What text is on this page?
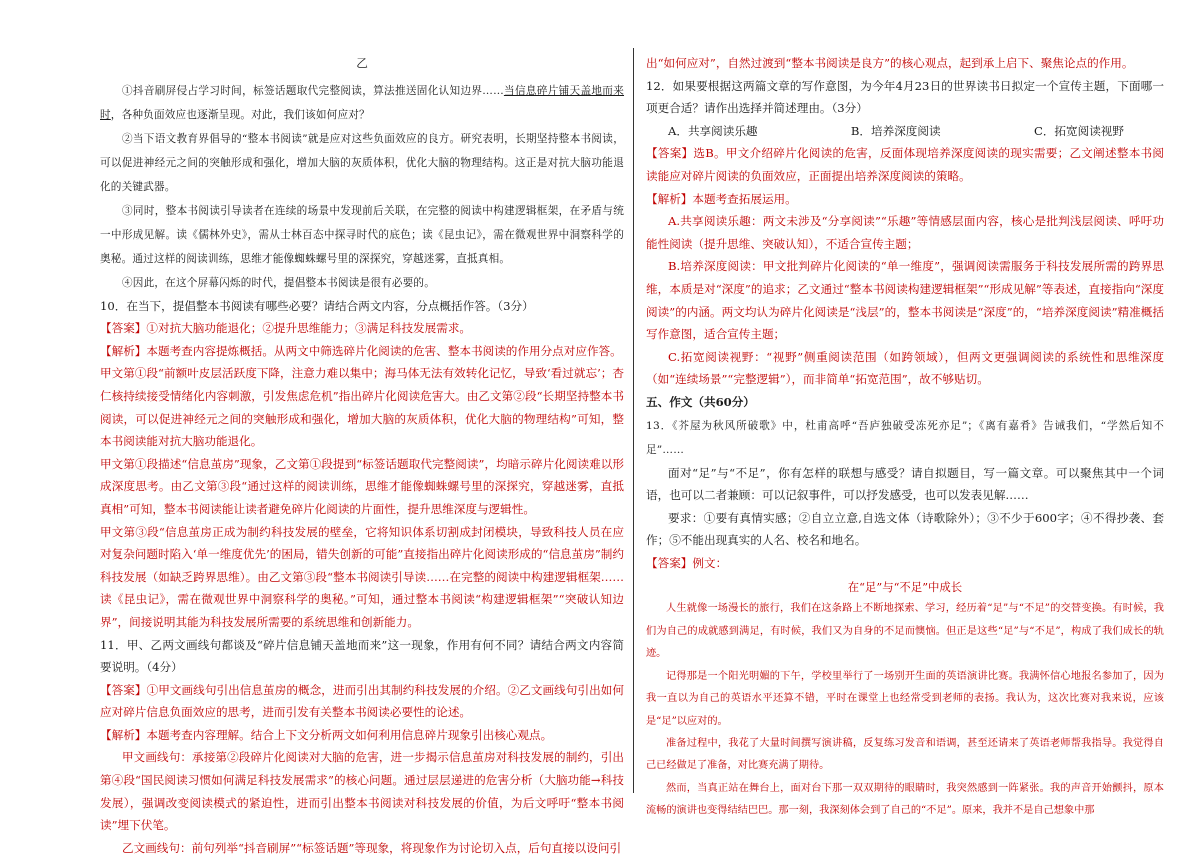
乙

①抖音刷屏侵占学习时间，标签话题取代完整阅读，算法推送固化认知边界……当信息碎片铺天盖地而来时，各种负面效应也逐渐呈现。对此，我们该如何应对？

②当下语文教育界倡导的“整本书阅读”就是应对这些负面效应的良方。研究表明，长期坚持整本书阅读，可以促进神经元之间的突触形成和强化，增加大脑的灰质体积，优化大脑的物理结构。这正是对抗大脑功能退化的关键武器。

③同时，整本书阅读引导读者在连续的场景中发现前后关联，在完整的阅读中构建逻辑框架，在矛盾与统一中形成见解。读《儒林外史》，需从士林百态中探寻时代的底色；读《昆虫记》，需在微观世界中洞察科学的奥秘。通过这样的阅读训练，思维才能像蜘蛛螺号里的深探究，穿越迷雾，直抵真相。

④因此，在这个屏幕闪烁的时代，提倡整本书阅读是很有必要的。

10．在当下，提倡整本书阅读有哪些必要？请结合两文内容，分点概括作答。（3分）

【答案】①对抗大脑功能退化；②提升思维能力；③满足科技发展需求。

【解析】本题考查内容提炼概括。从两文中筛选碎片化阅读的危害、整本书阅读的作用分点对应作答。

甲文第①段“前额叶皮层活跃度下降，注意力难以集中；海马体无法有效转化记忆，导致‘看过就忘’；杏仁核持续接受情绪化内容刺激，引发焦虑危机”指出碎片化阅读危害大。由乙文第②段“长期坚持整本书阅读，可以促进神经元之间的突触形成和强化，增加大脑的灰质体积，优化大脑的物理结构”可知，整本书阅读能对抗大脑功能退化。

甲文第①段描述“信息茧房”现象，乙文第①段提到“标签话题取代完整阅读”，均暗示碎片化阅读难以形成深度思考。由乙文第③段“通过这样的阅读训练，思维才能像蜘蛛螺号里的深探究，穿越迷雾，直抵真相”可知，整本书阅读能让读者避免碎片化阅读的片面性，提升思维深度与逻辑性。

甲文第③段“信息茧房正成为制约科技发展的壁垒，它将知识体系切割成封闭模块，导致科技人员在应对复杂问题时陷入‘单一维度优先’的困局，错失创新的可能”直接指出碎片化阅读形成的“信息茧房”制约科技发展（如缺乏跨界思维）。由乙文第③段“整本书阅读引导读……在完整的阅读中构建逻辑框架……读《昆虫记》，需在微观世界中洞察科学的奥秘。”可知，通过整本书阅读“构建逻辑框架”“突破认知边界”，间接说明其能为科技发展所需要的系统思维和创新能力。

11．甲、乙两文画线句都谈及“碎片信息铺天盖地而来”这一现象，作用有何不同？请结合两文内容简要说明。（4分）

【答案】①甲文画线句引出信息茧房的概念，进而引出其制约科技发展的介绍。②乙文画线句引出如何应对碎片信息负面效应的思考，进而引发有关整本书阅读必要性的论述。

【解析】本题考查内容理解。结合上下文分析两文如何利用信息碎片现象引出核心观点。

甲文画线句：承接第②段碎片化阅读对大脑的危害，进一步揭示信息茧房对科技发展的制约，引出第④段“国民阅读习惯如何满足科技发展需求”的核心问题。通过层层递进的危害分析（大脑功能→科技发展），强调改变阅读模式的紧迫性，进而引出整本书阅读对科技发展的价值，为后文呼吁“整本书阅读”埋下伏笔。

乙文画线句：前句列举“抖音刷屏”“标签话题”等现象，将现象作为讨论切入点，后句直接以设问引

出“如何应对”，自然过渡到“整本书阅读是良方”的核心观点，起到承上启下、聚焦论点的作用。

12．如果要根据这两篇文章的写作意图，为今年4月23日的世界读书日拟定一个宣传主题，下面哪一项更合适？请作出选择并简述理由。（3分）

A．共享阅读乐趣	B．培养深度阅读	C．拓宽阅读视野

【答案】选B。甲文介绍碎片化阅读的危害，反面体现培养深度阅读的现实需要；乙文阐述整本书阅读能应对碎片阅读的负面效应，正面提出培养深度阅读的策略。

【解析】本题考查拓展运用。

A.共享阅读乐趣：两文未涉及“分享阅读”“乐趣”等情感层面内容，核心是批判浅层阅读、呼吁功能性阅读（提升思维、突破认知），不适合宣传主题；

B.培养深度阅读：甲文批判碎片化阅读的“单一维度”，强调阅读需服务于科技发展所需的跨界思维，本质是对“深度”的追求；乙文通过“整本书阅读构建逻辑框架”“形成见解”等表述，直接指向“深度阅读”的内涵。两文均认为碎片化阅读是“浅层”的，整本书阅读是“深度”的，“培养深度阅读”精准概括写作意图，适合宣传主题；

C.拓宽阅读视野：“视野”侧重阅读范围（如跨领域），但两文更强调阅读的系统性和思维深度（如“连续场景”“完整逻辑”），而非简单“拓宽范围”，故不够贴切。

五、作文（共60分）

13．《芥屋为秋风所破歌》中，杜甫高呼“吾庐独破受冻死亦足”；《离有嘉肴》告诫我们，“学然后知不足”……

面对“足”与“不足”，你有怎样的联想与感受？请自拟题目，写一篇文章。可以聚焦其中一个词语，也可以二者兼顾：可以记叙事件，可以抒发感受，也可以发表见解……

要求：①要有真情实感；②自立立意,自选文体（诗歌除外）；③不少于600字；④不得抄袭、套作；⑤不能出现真实的人名、校名和地名。

【答案】例文：

在“足”与“不足”中成长

人生就像一场漫长的旅行，我们在这条路上不断地探索、学习，经历着“足”与“不足”的交替变换。有时候，我们为自己的成就感到满足，有时候，我们又为自身的不足而懊恼。但正是这些“足”与“不足”，构成了我们成长的轨迹。

记得那是一个阳光明媚的下午，学校里举行了一场别开生面的英语演讲比赛。我满怀信心地报名参加了，因为我一直以为自己的英语水平还算不错，平时在课堂上也经常受到老师的表扬。我认为，这次比赛对我来说，应该是“足”以应对的。

准备过程中，我花了大量时间撰写演讲稿，反复练习发音和语调，甚至还请来了英语老师帮我指导。我觉得自己已经做足了准备，对比赛充满了期待。

然而，当真正站在舞台上，面对台下那一双双期待的眼睛时，我突然感到一阵紧张。我的声音开始颤抖，原本流畅的演讲也变得结结巴巴。那一刻，我深刻体会到了自己的“不足”。原来，我并不是自己想象中那
